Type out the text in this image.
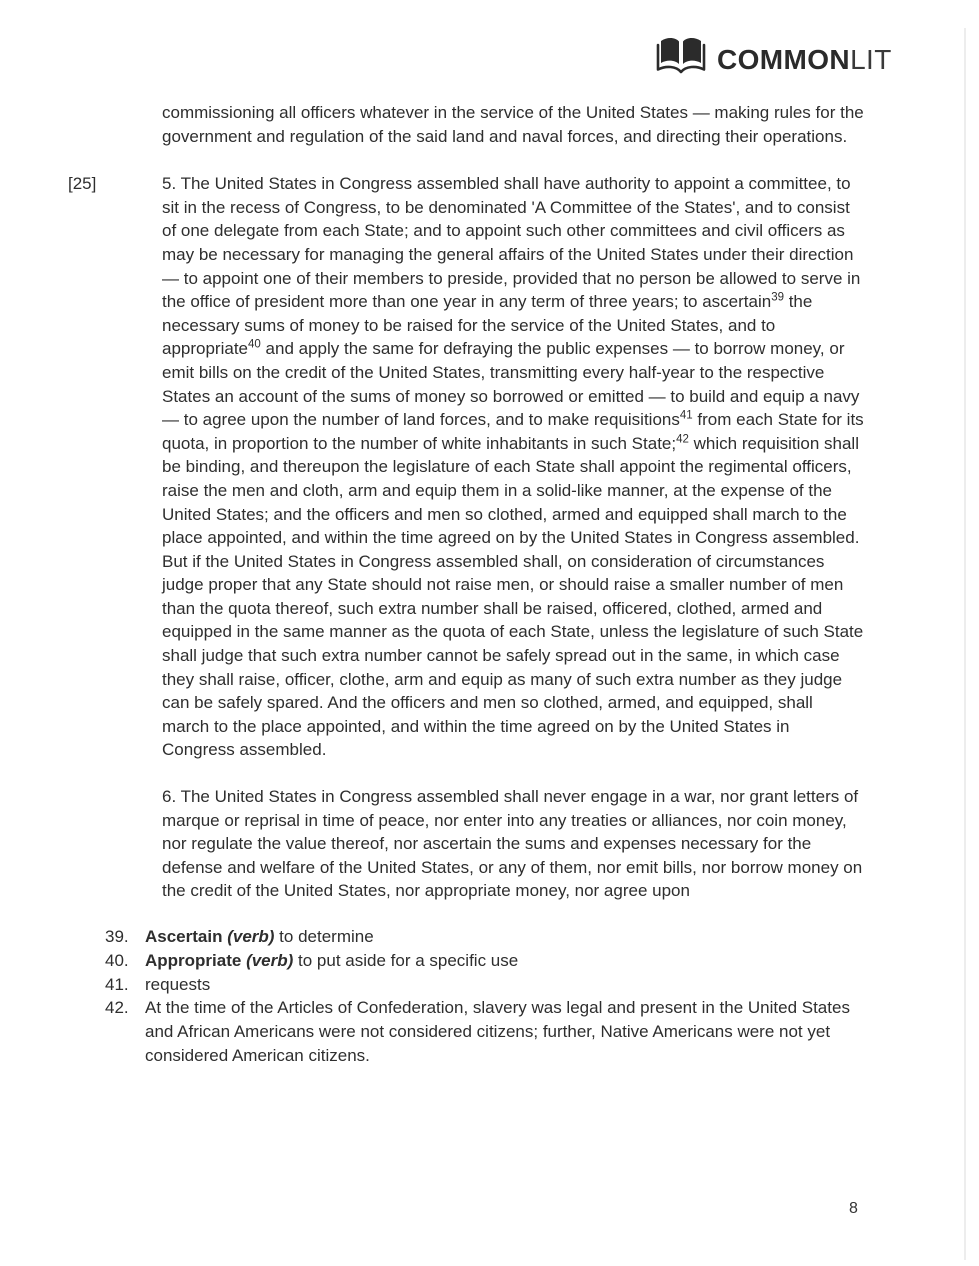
COMMONLIT

commissioning all officers whatever in the service of the United States — making rules for the government and regulation of the said land and naval forces, and directing their operations.

[25]	5. The United States in Congress assembled shall have authority to appoint a committee, to sit in the recess of Congress, to be denominated 'A Committee of the States', and to consist of one delegate from each State; and to appoint such other committees and civil officers as may be necessary for managing the general affairs of the United States under their direction — to appoint one of their members to preside, provided that no person be allowed to serve in the office of president more than one year in any term of three years; to ascertain$^{39}$ the necessary sums of money to be raised for the service of the United States, and to appropriate$^{40}$ and apply the same for defraying the public expenses — to borrow money, or emit bills on the credit of the United States, transmitting every half-year to the respective States an account of the sums of money so borrowed or emitted — to build and equip a navy — to agree upon the number of land forces, and to make requisitions$^{41}$ from each State for its quota, in proportion to the number of white inhabitants in such State;$^{42}$ which requisition shall be binding, and thereupon the legislature of each State shall appoint the regimental officers, raise the men and cloth, arm and equip them in a solid-like manner, at the expense of the United States; and the officers and men so clothed, armed and equipped shall march to the place appointed, and within the time agreed on by the United States in Congress assembled. But if the United States in Congress assembled shall, on consideration of circumstances judge proper that any State should not raise men, or should raise a smaller number of men than the quota thereof, such extra number shall be raised, officered, clothed, armed and equipped in the same manner as the quota of each State, unless the legislature of such State shall judge that such extra number cannot be safely spread out in the same, in which case they shall raise, officer, clothe, arm and equip as many of such extra number as they judge can be safely spared. And the officers and men so clothed, armed, and equipped, shall march to the place appointed, and within the time agreed on by the United States in Congress assembled.

6. The United States in Congress assembled shall never engage in a war, nor grant letters of marque or reprisal in time of peace, nor enter into any treaties or alliances, nor coin money, nor regulate the value thereof, nor ascertain the sums and expenses necessary for the defense and welfare of the United States, or any of them, nor emit bills, nor borrow money on the credit of the United States, nor appropriate money, nor agree upon

39. Ascertain (verb) to determine
40. Appropriate (verb) to put aside for a specific use
41. requests
42. At the time of the Articles of Confederation, slavery was legal and present in the United States and African Americans were not considered citizens; further, Native Americans were not yet considered American citizens.
8
